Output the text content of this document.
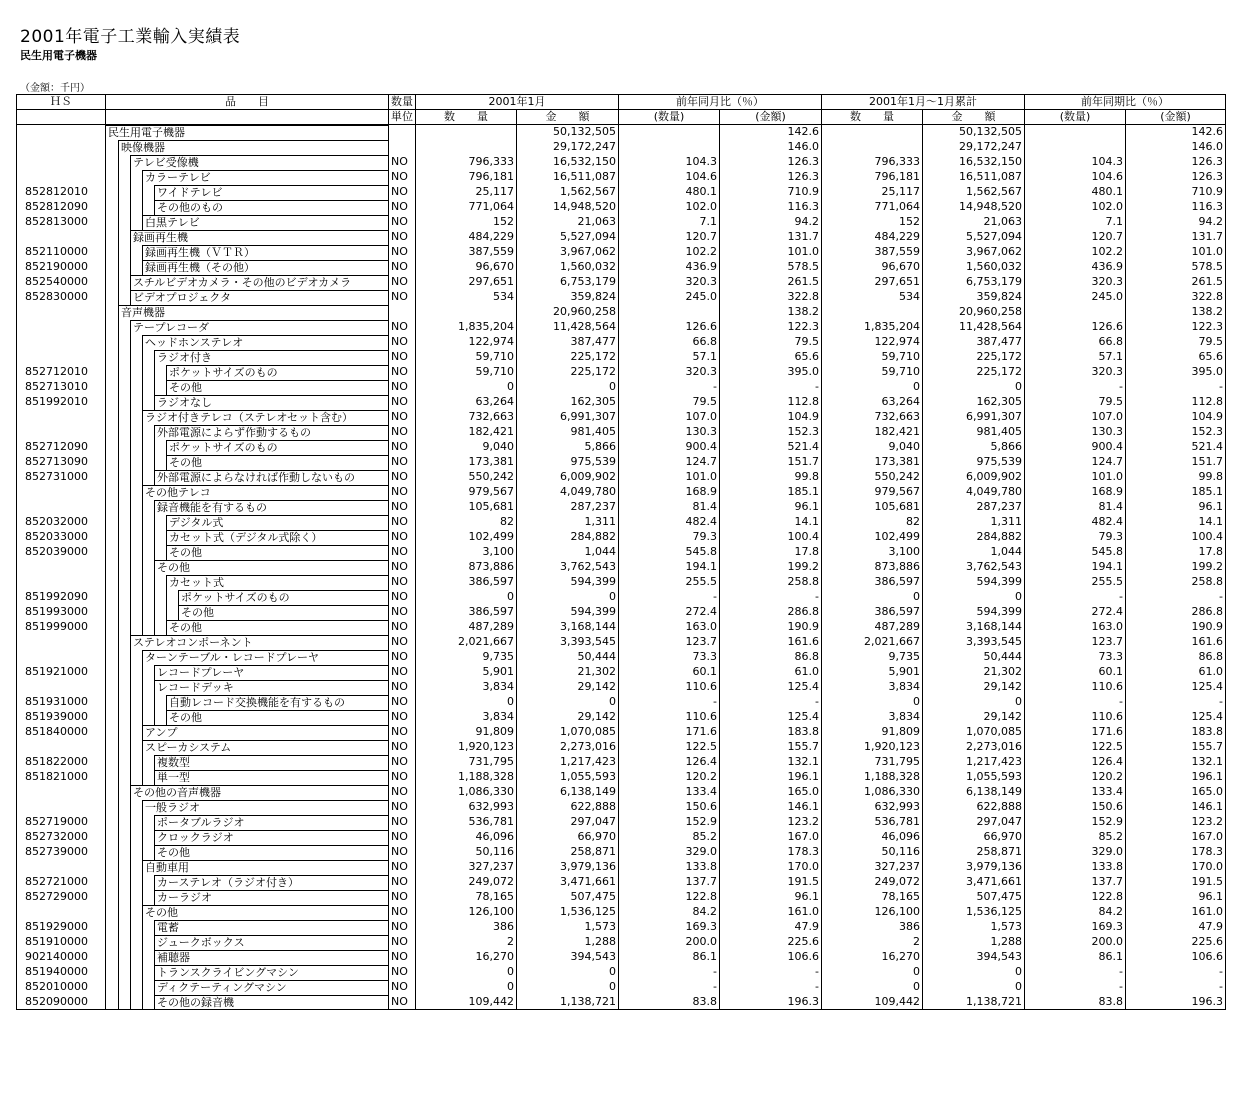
2001年電子工業輸入実績表
民生用電子機器
（金額：千円）
ＨＳ	品　　目	数量	2001年1月		前年同月比（％）		2001年1月～1月累計		前年同期比（％）	
		単位	数　　量	金　　額	(数量)	(金額)	数　　量	金　　額	(数量)	(金額)

	民生用電子機器			50,132,505		142.6		50,132,505		142.6

	映像機器			29,172,247		146.0		29,172,247		146.0

	テレビ受像機	NO	796,333	16,532,150	104.3	126.3	796,333	16,532,150	104.3	126.3

	カラーテレビ	NO	796,181	16,511,087	104.6	126.3	796,181	16,511,087	104.6	126.3
852812010	ワイドテレビ	NO	25,117	1,562,567	480.1	710.9	25,117	1,562,567	480.1	710.9
852812090	その他のもの	NO	771,064	14,948,520	102.0	116.3	771,064	14,948,520	102.0	116.3
852813000	白黒テレビ	NO	152	21,063	7.1	94.2	152	21,063	7.1	94.2

	録画再生機	NO	484,229	5,527,094	120.7	131.7	484,229	5,527,094	120.7	131.7
852110000	録画再生機（ＶＴＲ）	NO	387,559	3,967,062	102.2	101.0	387,559	3,967,062	102.2	101.0
852190000	録画再生機（その他）	NO	96,670	1,560,032	436.9	578.5	96,670	1,560,032	436.9	578.5
852540000	スチルビデオカメラ・その他のビデオカメラ	NO	297,651	6,753,179	320.3	261.5	297,651	6,753,179	320.3	261.5
852830000	ビデオプロジェクタ	NO	534	359,824	245.0	322.8	534	359,824	245.0	322.8

	音声機器			20,960,258		138.2		20,960,258		138.2

	テープレコーダ	NO	1,835,204	11,428,564	126.6	122.3	1,835,204	11,428,564	126.6	122.3

	ヘッドホンステレオ	NO	122,974	387,477	66.8	79.5	122,974	387,477	66.8	79.5

	ラジオ付き	NO	59,710	225,172	57.1	65.6	59,710	225,172	57.1	65.6
852712010	ポケットサイズのもの	NO	59,710	225,172	320.3	395.0	59,710	225,172	320.3	395.0
852713010	その他	NO	0	0	-	-	0	0	-	-
851992010	ラジオなし	NO	63,264	162,305	79.5	112.8	63,264	162,305	79.5	112.8

	ラジオ付きテレコ（ステレオセット含む）	NO	732,663	6,991,307	107.0	104.9	732,663	6,991,307	107.0	104.9

	外部電源によらず作動するもの	NO	182,421	981,405	130.3	152.3	182,421	981,405	130.3	152.3
852712090	ポケットサイズのもの	NO	9,040	5,866	900.4	521.4	9,040	5,866	900.4	521.4
852713090	その他	NO	173,381	975,539	124.7	151.7	173,381	975,539	124.7	151.7
852731000	外部電源によらなければ作動しないもの	NO	550,242	6,009,902	101.0	99.8	550,242	6,009,902	101.0	99.8

	その他テレコ	NO	979,567	4,049,780	168.9	185.1	979,567	4,049,780	168.9	185.1

	録音機能を有するもの	NO	105,681	287,237	81.4	96.1	105,681	287,237	81.4	96.1
852032000	デジタル式	NO	82	1,311	482.4	14.1	82	1,311	482.4	14.1
852033000	カセット式（デジタル式除く）	NO	102,499	284,882	79.3	100.4	102,499	284,882	79.3	100.4
852039000	その他	NO	3,100	1,044	545.8	17.8	3,100	1,044	545.8	17.8

	その他	NO	873,886	3,762,543	194.1	199.2	873,886	3,762,543	194.1	199.2

	カセット式	NO	386,597	594,399	255.5	258.8	386,597	594,399	255.5	258.8
851992090	ポケットサイズのもの	NO	0	0	-	-	0	0	-	-
851993000	その他	NO	386,597	594,399	272.4	286.8	386,597	594,399	272.4	286.8
851999000	その他	NO	487,289	3,168,144	163.0	190.9	487,289	3,168,144	163.0	190.9

	ステレオコンポーネント	NO	2,021,667	3,393,545	123.7	161.6	2,021,667	3,393,545	123.7	161.6

	ターンテーブル・レコードプレーヤ	NO	9,735	50,444	73.3	86.8	9,735	50,444	73.3	86.8
851921000	レコードプレーヤ	NO	5,901	21,302	60.1	61.0	5,901	21,302	60.1	61.0

	レコードデッキ	NO	3,834	29,142	110.6	125.4	3,834	29,142	110.6	125.4
851931000	自動レコード交換機能を有するもの	NO	0	0	-	-	0	0	-	-
851939000	その他	NO	3,834	29,142	110.6	125.4	3,834	29,142	110.6	125.4
851840000	アンプ	NO	91,809	1,070,085	171.6	183.8	91,809	1,070,085	171.6	183.8

	スピーカシステム	NO	1,920,123	2,273,016	122.5	155.7	1,920,123	2,273,016	122.5	155.7
851822000	複数型	NO	731,795	1,217,423	126.4	132.1	731,795	1,217,423	126.4	132.1
851821000	単一型	NO	1,188,328	1,055,593	120.2	196.1	1,188,328	1,055,593	120.2	196.1

	その他の音声機器	NO	1,086,330	6,138,149	133.4	165.0	1,086,330	6,138,149	133.4	165.0

	一般ラジオ	NO	632,993	622,888	150.6	146.1	632,993	622,888	150.6	146.1
852719000	ポータブルラジオ	NO	536,781	297,047	152.9	123.2	536,781	297,047	152.9	123.2
852732000	クロックラジオ	NO	46,096	66,970	85.2	167.0	46,096	66,970	85.2	167.0
852739000	その他	NO	50,116	258,871	329.0	178.3	50,116	258,871	329.0	178.3

	自動車用	NO	327,237	3,979,136	133.8	170.0	327,237	3,979,136	133.8	170.0
852721000	カーステレオ（ラジオ付き）	NO	249,072	3,471,661	137.7	191.5	249,072	3,471,661	137.7	191.5
852729000	カーラジオ	NO	78,165	507,475	122.8	96.1	78,165	507,475	122.8	96.1

	その他	NO	126,100	1,536,125	84.2	161.0	126,100	1,536,125	84.2	161.0
851929000	電蓄	NO	386	1,573	169.3	47.9	386	1,573	169.3	47.9
851910000	ジュークボックス	NO	2	1,288	200.0	225.6	2	1,288	200.0	225.6
902140000	補聴器	NO	16,270	394,543	86.1	106.6	16,270	394,543	86.1	106.6
851940000	トランスクライビングマシン	NO	0	0	-	-	0	0	-	-
852010000	ディクテーティングマシン	NO	0	0	-	-	0	0	-	-
852090000	その他の録音機	NO	109,442	1,138,721	83.8	196.3	109,442	1,138,721	83.8	196.3
